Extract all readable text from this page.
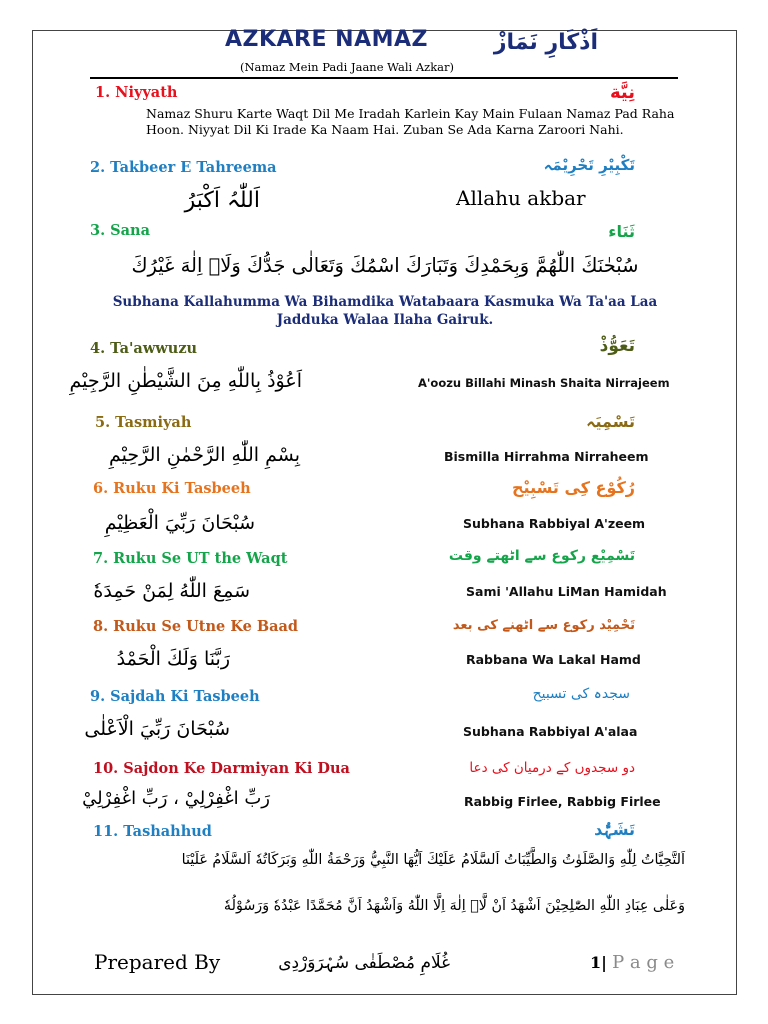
AZKARE NAMAZ	اَذْکَارِ نَمَازْ
(Namaz Mein Padi Jaane Wali Azkar)
1. Niyyath	نِیَّة
Namaz Shuru Karte Waqt Dil Me Iradah Karlein Kay Main Fulaan Namaz Pad Raha Hoon. Niyyat Dil Ki Irade Ka Naam Hai. Zuban Se Ada Karna Zaroori Nahi.
2. Takbeer E Tahreema	تَکْبِیْرِ تَحْرِیْمَہ
اَللّٰہُ اَکْبَرُ	Allahu akbar
3. Sana	ثَنَاء
سُبْحٰنَكَ اللّٰهُمَّ وَبِحَمْدِكَ وَتَبَارَكَ اسْمُكَ وَتَعَالٰى جَدُّكَ وَلَاۤ اِلٰهَ غَيْرُكَ
Subhana Kallahumma Wa Bihamdika Watabaara Kasmuka Wa Ta'aa Laa Jadduka Walaa Ilaha Gairuk.
4. Ta'awwuzu	تَعَوُّذْ
اَعُوْذُ بِاللّٰهِ مِنَ الشَّيْطٰنِ الرَّجِيْمِ	A'oozu Billahi Minash Shaita Nirrajeem
5. Tasmiyah	تَسْمِیَہ
بِسْمِ اللّٰهِ الرَّحْمٰنِ الرَّحِيْمِ	Bismilla Hirrahma Nirraheem
6. Ruku Ki Tasbeeh	رُکُوْع کِی تَسْبِیْح
سُبْحَانَ رَبِّيَ الْعَظِيْمِ	Subhana Rabbiyal A'zeem
7. Ruku Se UT the Waqt	تَسْمِیْع رکوع سے اٹھتے وقت
سَمِعَ اللّٰهُ لِمَنْ حَمِدَهٗ	Sami 'Allahu LiMan Hamidah
8. Ruku Se Utne Ke Baad	تَحْمِیْد رکوع سے اٹھنے کی بعد
رَبَّنَا وَلَكَ الْحَمْدُ	Rabbana Wa Lakal Hamd
9. Sajdah Ki Tasbeeh	سجدہ کی تسبیح
سُبْحَانَ رَبِّيَ الْاَعْلٰى	Subhana Rabbiyal A'alaa
10. Sajdon Ke Darmiyan Ki Dua	دو سجدوں کے درمیان کی دعا
رَبِّ اغْفِرْلِيْ ، رَبِّ اغْفِرْلِيْ	Rabbig Firlee, Rabbig Firlee
11. Tashahhud	تَشَہُّد
اَلتَّحِيَّاتُ لِلّٰهِ وَالصَّلَوٰتُ وَالطَّيِّبَاتُ اَلسَّلَامُ عَلَيْكَ اَيُّهَا النَّبِيُّ وَرَحْمَةُ اللّٰهِ وَبَرَكَاتُهٗ اَلسَّلَامُ عَلَيْنَا
وَعَلٰى عِبَادِ اللّٰهِ الصّٰلِحِيْنَ اَشْهَدُ اَنْ لَّاۤ اِلٰهَ اِلَّا اللّٰهُ وَاَشْهَدُ اَنَّ مُحَمَّدًا عَبْدُهٗ وَرَسُوْلُهٗ
Prepared By	غُلَامِ مُصْطَفٰی سُہْرَوَرْدِی	1| P a g e
